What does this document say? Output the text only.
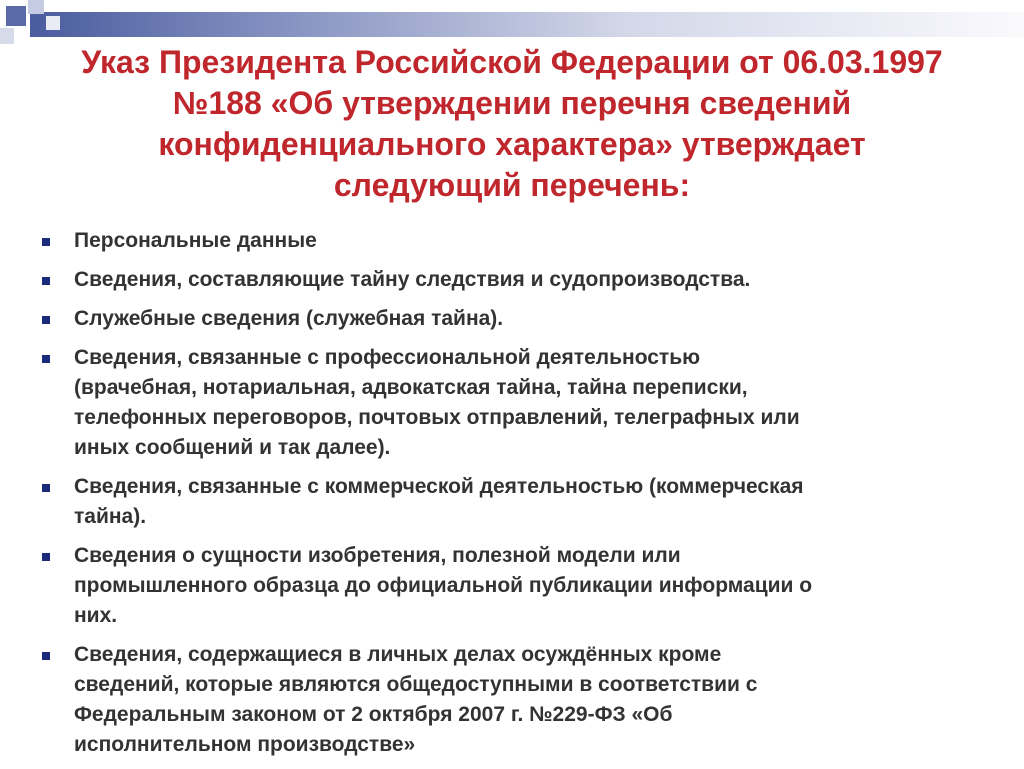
Указ Президента Российской Федерации от 06.03.1997
№188 «Об утверждении перечня сведений
конфиденциального характера» утверждает
следующий перечень:
Персональные данные
Сведения, составляющие тайну следствия и судопроизводства.
Служебные сведения (служебная тайна).
Сведения, связанные с профессиональной деятельностью
(врачебная, нотариальная, адвокатская тайна, тайна переписки,
телефонных переговоров, почтовых отправлений, телеграфных или
иных сообщений и так далее).
Сведения, связанные с коммерческой деятельностью (коммерческая
тайна).
Сведения о сущности изобретения, полезной модели или
промышленного образца до официальной публикации информации о
них.
Сведения, содержащиеся в личных делах осуждённых кроме
сведений, которые являются общедоступными в соответствии с
Федеральным законом от 2 октября 2007 г. №229-ФЗ «Об
исполнительном производстве»
